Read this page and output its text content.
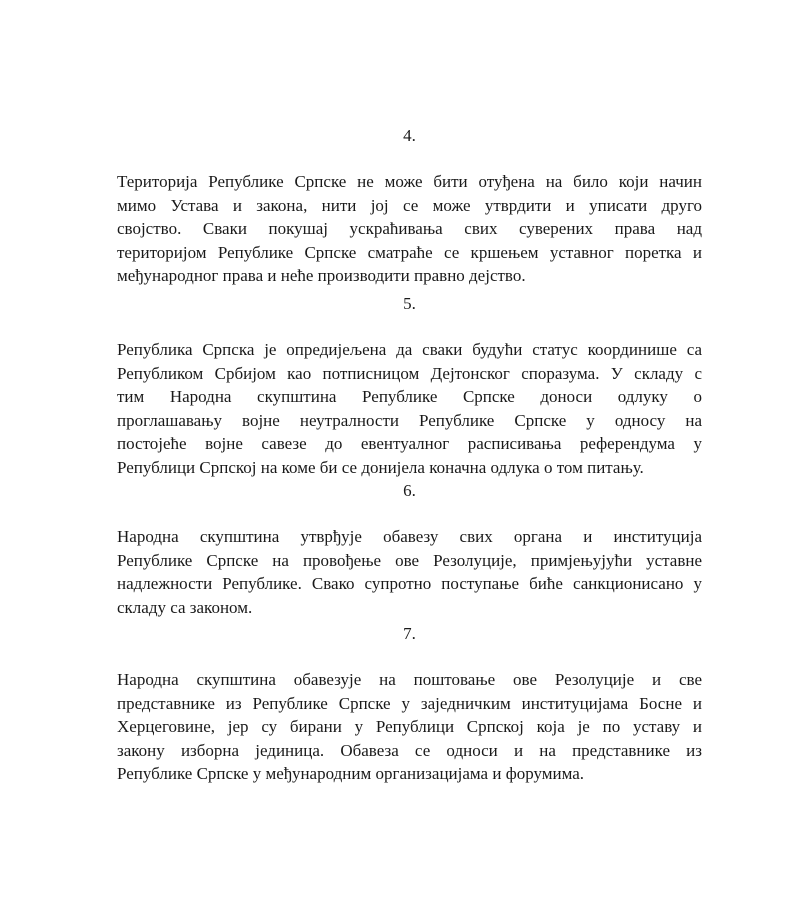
4.

Територија Републике Српске не може бити отуђена на било који начин
мимо Устава и закона, нити јој се може утврдити и уписати друго
својство. Сваки покушај ускраћивања свих суверених права над
територијом Републике Српске сматраће се кршењем уставног поретка и
међународног права и неће производити правно дејство.

5.

Република Српска је опредијељена да сваки будући статус координише са
Републиком Србијом као потписницом Дејтонског споразума. У складу с
тим Народна скупштина Републике Српске доноси одлуку о
проглашавању војне неутралности Републике Српске у односу на
постојеће војне савезе до евентуалног расписивања референдума у
Републици Српској на коме би се донијела коначна одлука о том питању.

6.

Народна скупштина утврђује обавезу свих органа и институција
Републике Српске на провођење ове Резолуције, примјењујући уставне
надлежности Републике. Свако супротно поступање биће санкционисано у
складу са законом.

7.

Народна скупштина обавезује на поштовање ове Резолуције и све
представнике из Републике Српске у заједничким институцијама Босне и
Херцеговине, јер су бирани у Републици Српској која је по уставу и
закону изборна јединица. Обавеза се односи и на представнике из
Републике Српске у међународним организацијама и форумима.
